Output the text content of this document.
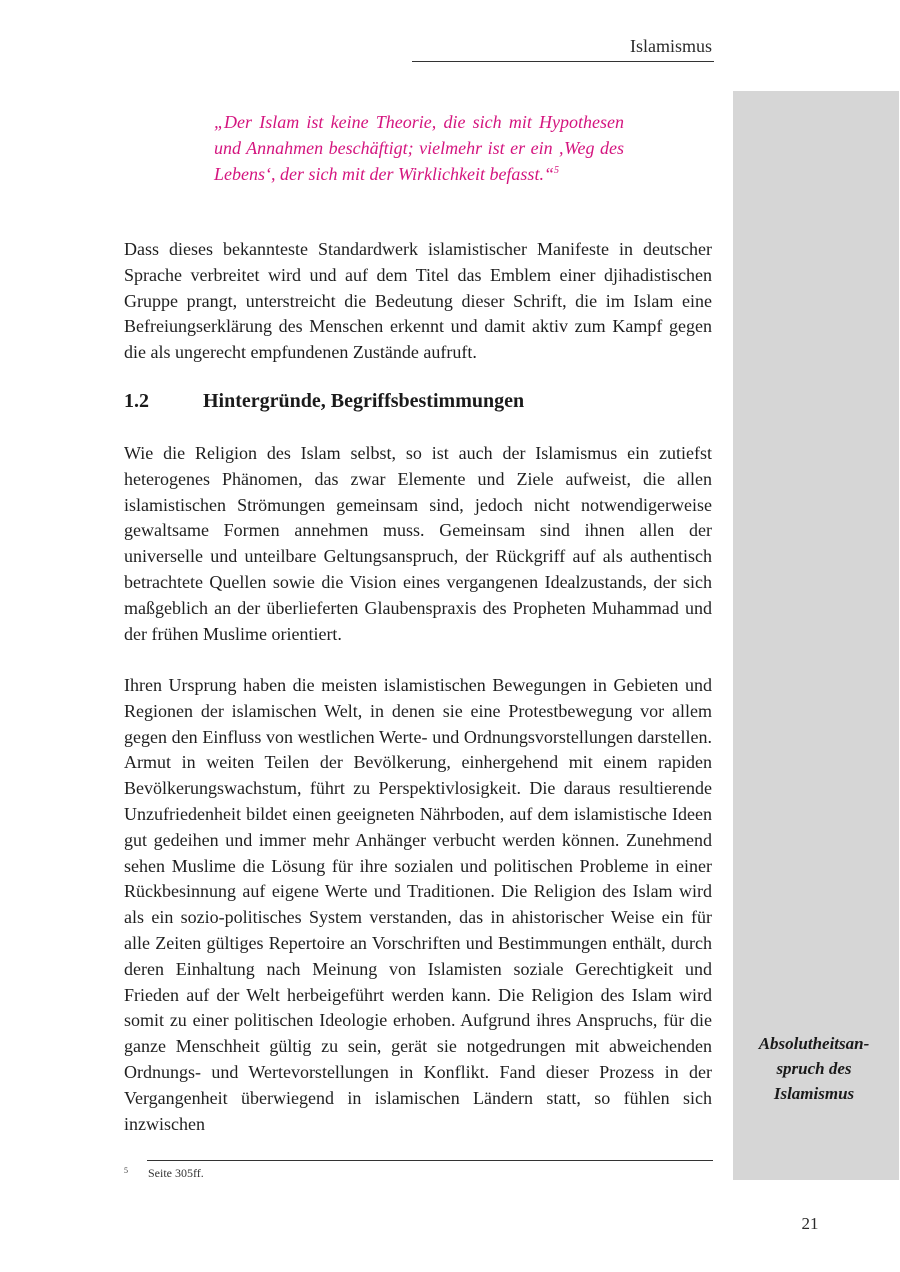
Islamismus
Absolutheitsan-
spruch des
Islamismus
„Der Islam ist keine Theorie, die sich mit Hypothesen und Annahmen beschäftigt; vielmehr ist er ein ‚Weg des Lebens‘, der sich mit der Wirklichkeit befasst.“$^5$

Dass dieses bekannteste Standardwerk islamistischer Manifeste in deutscher Sprache verbreitet wird und auf dem Titel das Emblem einer djihadistischen Gruppe prangt, unterstreicht die Bedeutung dieser Schrift, die im Islam eine Befreiungserklärung des Menschen erkennt und damit aktiv zum Kampf gegen die als ungerecht empfundenen Zustände aufruft.

1.2	Hintergründe, Begriffsbestimmungen

Wie die Religion des Islam selbst, so ist auch der Islamismus ein zutiefst heterogenes Phänomen, das zwar Elemente und Ziele aufweist, die allen islamistischen Strömungen gemeinsam sind, jedoch nicht notwendigerweise gewaltsame Formen annehmen muss. Gemeinsam sind ihnen allen der universelle und unteilbare Geltungsanspruch, der Rückgriff auf als authentisch betrachtete Quellen sowie die Vision eines vergangenen Idealzustands, der sich maßgeblich an der überlieferten Glaubenspraxis des Propheten Muhammad und der frühen Muslime orientiert.

Ihren Ursprung haben die meisten islamistischen Bewegungen in Gebieten und Regionen der islamischen Welt, in denen sie eine Protestbewegung vor allem gegen den Einfluss von westlichen Werte- und Ordnungsvorstellungen darstellen. Armut in weiten Teilen der Bevölkerung, einhergehend mit einem rapiden Bevölkerungswachstum, führt zu Perspektivlosigkeit. Die daraus resultierende Unzufriedenheit bildet einen geeigneten Nährboden, auf dem islamistische Ideen gut gedeihen und immer mehr Anhänger verbucht werden können. Zunehmend sehen Muslime die Lösung für ihre sozialen und politischen Probleme in einer Rückbesinnung auf eigene Werte und Traditionen. Die Religion des Islam wird als ein sozio-politisches System verstanden, das in ahistorischer Weise ein für alle Zeiten gültiges Repertoire an Vorschriften und Bestimmungen enthält, durch deren Einhaltung nach Meinung von Islamisten soziale Gerechtigkeit und Frieden auf der Welt herbeigeführt werden kann. Die Religion des Islam wird somit zu einer politischen Ideologie erhoben. Aufgrund ihres Anspruchs, für die ganze Menschheit gültig zu sein, gerät sie notgedrungen mit abweichenden Ordnungs- und Wertevorstellungen in Konflikt. Fand dieser Prozess in der Vergangenheit überwiegend in islamischen Ländern statt, so fühlen sich inzwischen

5 Seite 305ff.
21
